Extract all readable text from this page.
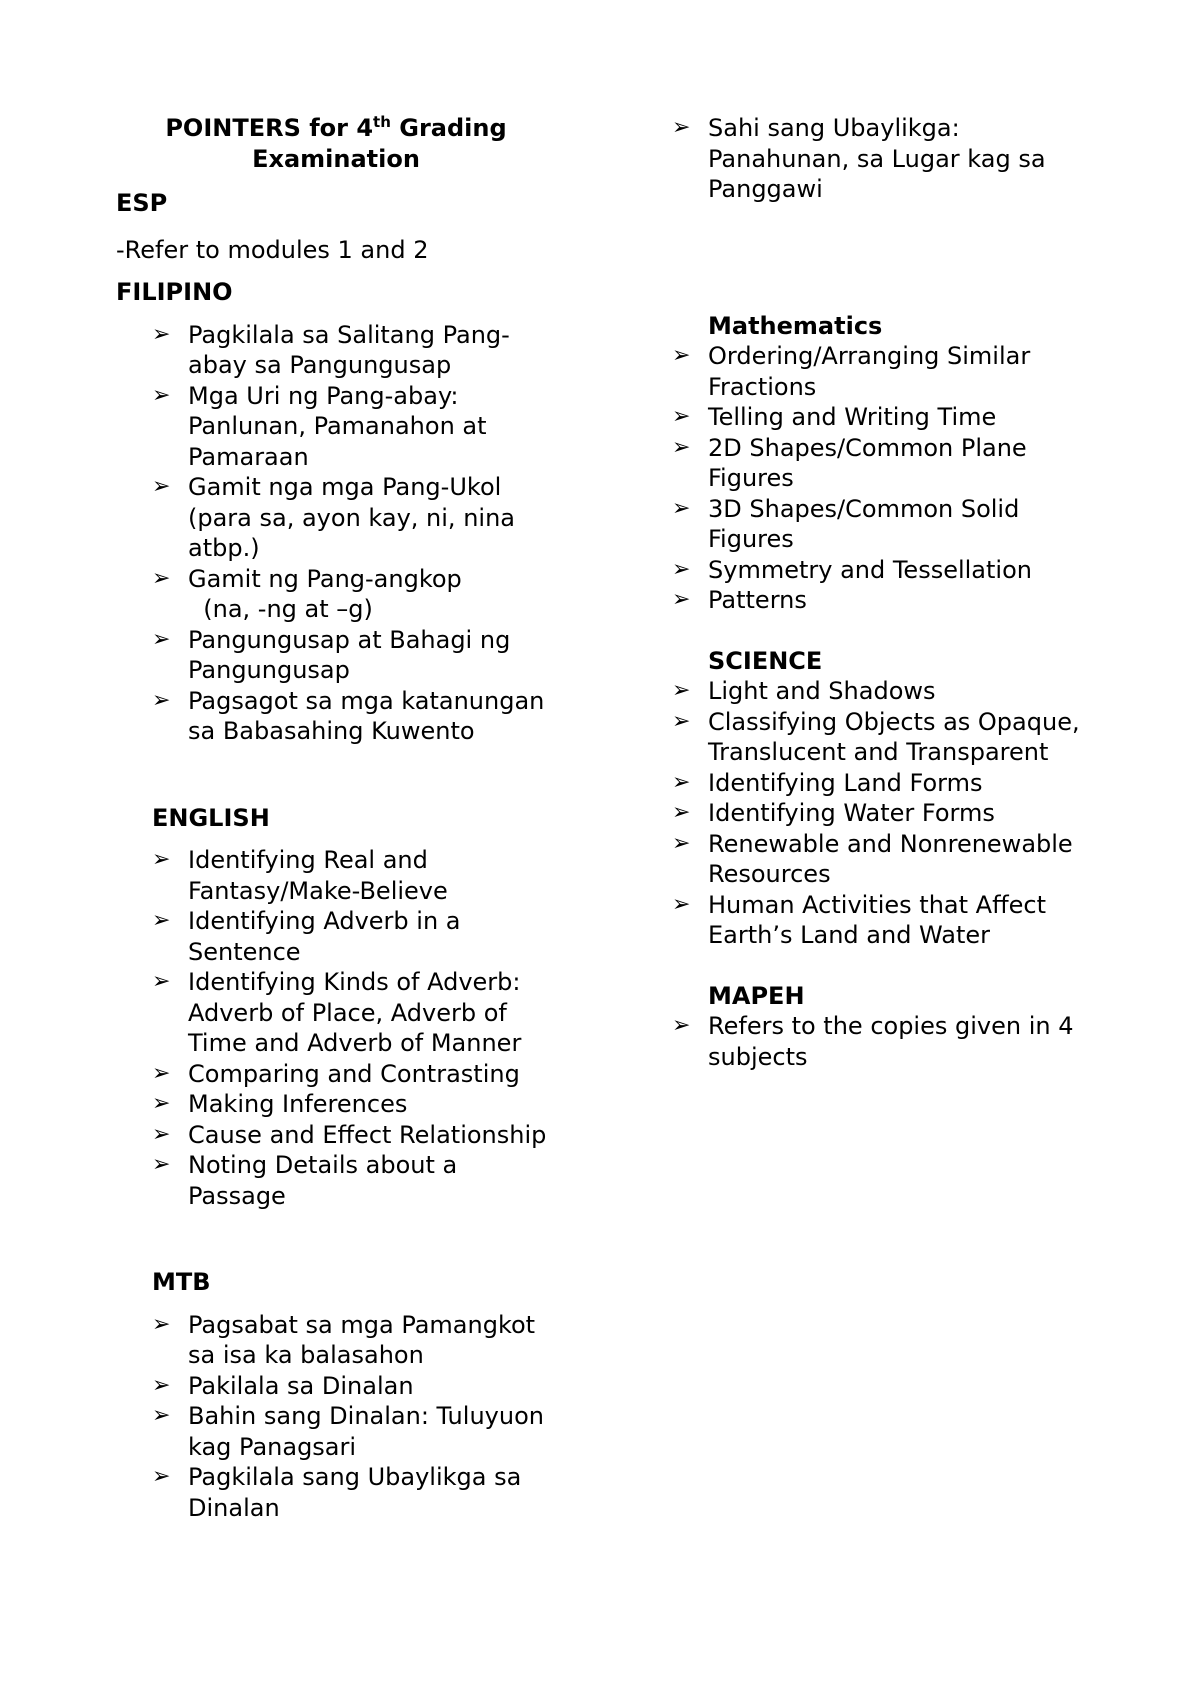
POINTERS for 4th Grading
Examination
ESP
-Refer to modules 1 and 2
FILIPINO
➢ Pagkilala sa Salitang Pang-
abay sa Pangungusap
➢ Mga Uri ng Pang-abay:
Panlunan, Pamanahon at
Pamaraan
➢ Gamit nga mga Pang-Ukol
(para sa, ayon kay, ni, nina
atbp.)
➢ Gamit ng Pang-angkop
(na, -ng at –g)
➢ Pangungusap at Bahagi ng
Pangungusap
➢ Pagsagot sa mga katanungan
sa Babasahing Kuwento
ENGLISH
➢ Identifying Real and
Fantasy/Make-Believe
➢ Identifying Adverb in a
Sentence
➢ Identifying Kinds of Adverb:
Adverb of Place, Adverb of
Time and Adverb of Manner
➢ Comparing and Contrasting
➢ Making Inferences
➢ Cause and Effect Relationship
➢ Noting Details about a
Passage
MTB
➢ Pagsabat sa mga Pamangkot
sa isa ka balasahon
➢ Pakilala sa Dinalan
➢ Bahin sang Dinalan: Tuluyuon
kag Panagsari
➢ Pagkilala sang Ubaylikga sa
Dinalan
➢ Sahi sang Ubaylikga:
Panahunan, sa Lugar kag sa
Panggawi
Mathematics
➢ Ordering/Arranging Similar
Fractions
➢ Telling and Writing Time
➢ 2D Shapes/Common Plane
Figures
➢ 3D Shapes/Common Solid
Figures
➢ Symmetry and Tessellation
➢ Patterns
SCIENCE
➢ Light and Shadows
➢ Classifying Objects as Opaque,
Translucent and Transparent
➢ Identifying Land Forms
➢ Identifying Water Forms
➢ Renewable and Nonrenewable
Resources
➢ Human Activities that Affect
Earth’s Land and Water
MAPEH
➢ Refers to the copies given in 4
subjects
